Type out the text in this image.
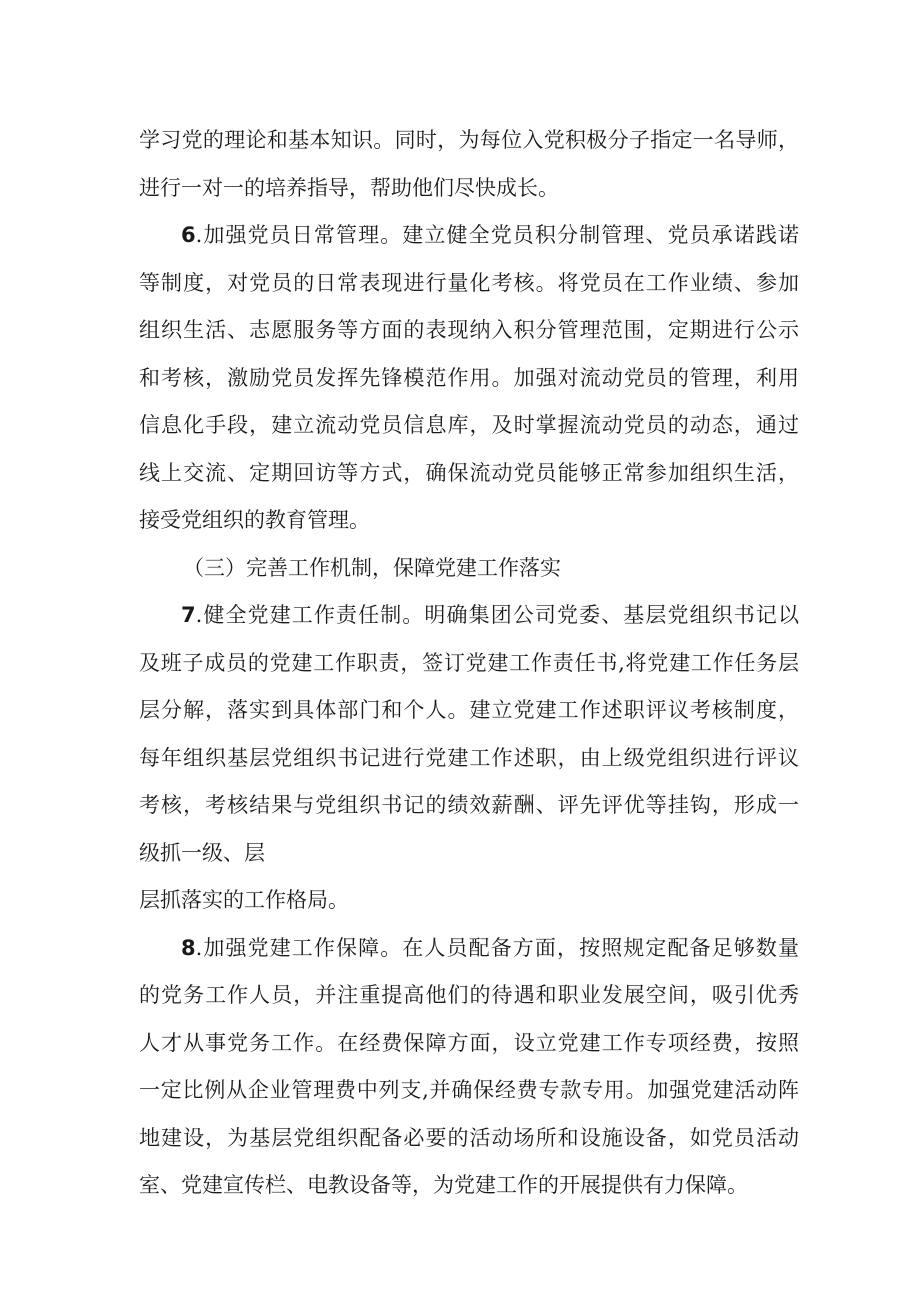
学习党的理论和基本知识。同时，为每位入党积极分子指定一名导师，
进行一对一的培养指导，帮助他们尽快成长。
6.加强党员日常管理。建立健全党员积分制管理、党员承诺践诺
等制度，对党员的日常表现进行量化考核。将党员在工作业绩、参加
组织生活、志愿服务等方面的表现纳入积分管理范围，定期进行公示
和考核，激励党员发挥先锋模范作用。加强对流动党员的管理，利用
信息化手段，建立流动党员信息库，及时掌握流动党员的动态，通过
线上交流、定期回访等方式，确保流动党员能够正常参加组织生活，
接受党组织的教育管理。
（三）完善工作机制，保障党建工作落实
7.健全党建工作责任制。明确集团公司党委、基层党组织书记以
及班子成员的党建工作职责，签订党建工作责任书,将党建工作任务层
层分解，落实到具体部门和个人。建立党建工作述职评议考核制度，
每年组织基层党组织书记进行党建工作述职，由上级党组织进行评议
考核，考核结果与党组织书记的绩效薪酬、评先评优等挂钩，形成一
级抓一级、层
层抓落实的工作格局。
8.加强党建工作保障。在人员配备方面，按照规定配备足够数量
的党务工作人员，并注重提高他们的待遇和职业发展空间，吸引优秀
人才从事党务工作。在经费保障方面，设立党建工作专项经费，按照
一定比例从企业管理费中列支,并确保经费专款专用。加强党建活动阵
地建设，为基层党组织配备必要的活动场所和设施设备，如党员活动
室、党建宣传栏、电教设备等，为党建工作的开展提供有力保障。
